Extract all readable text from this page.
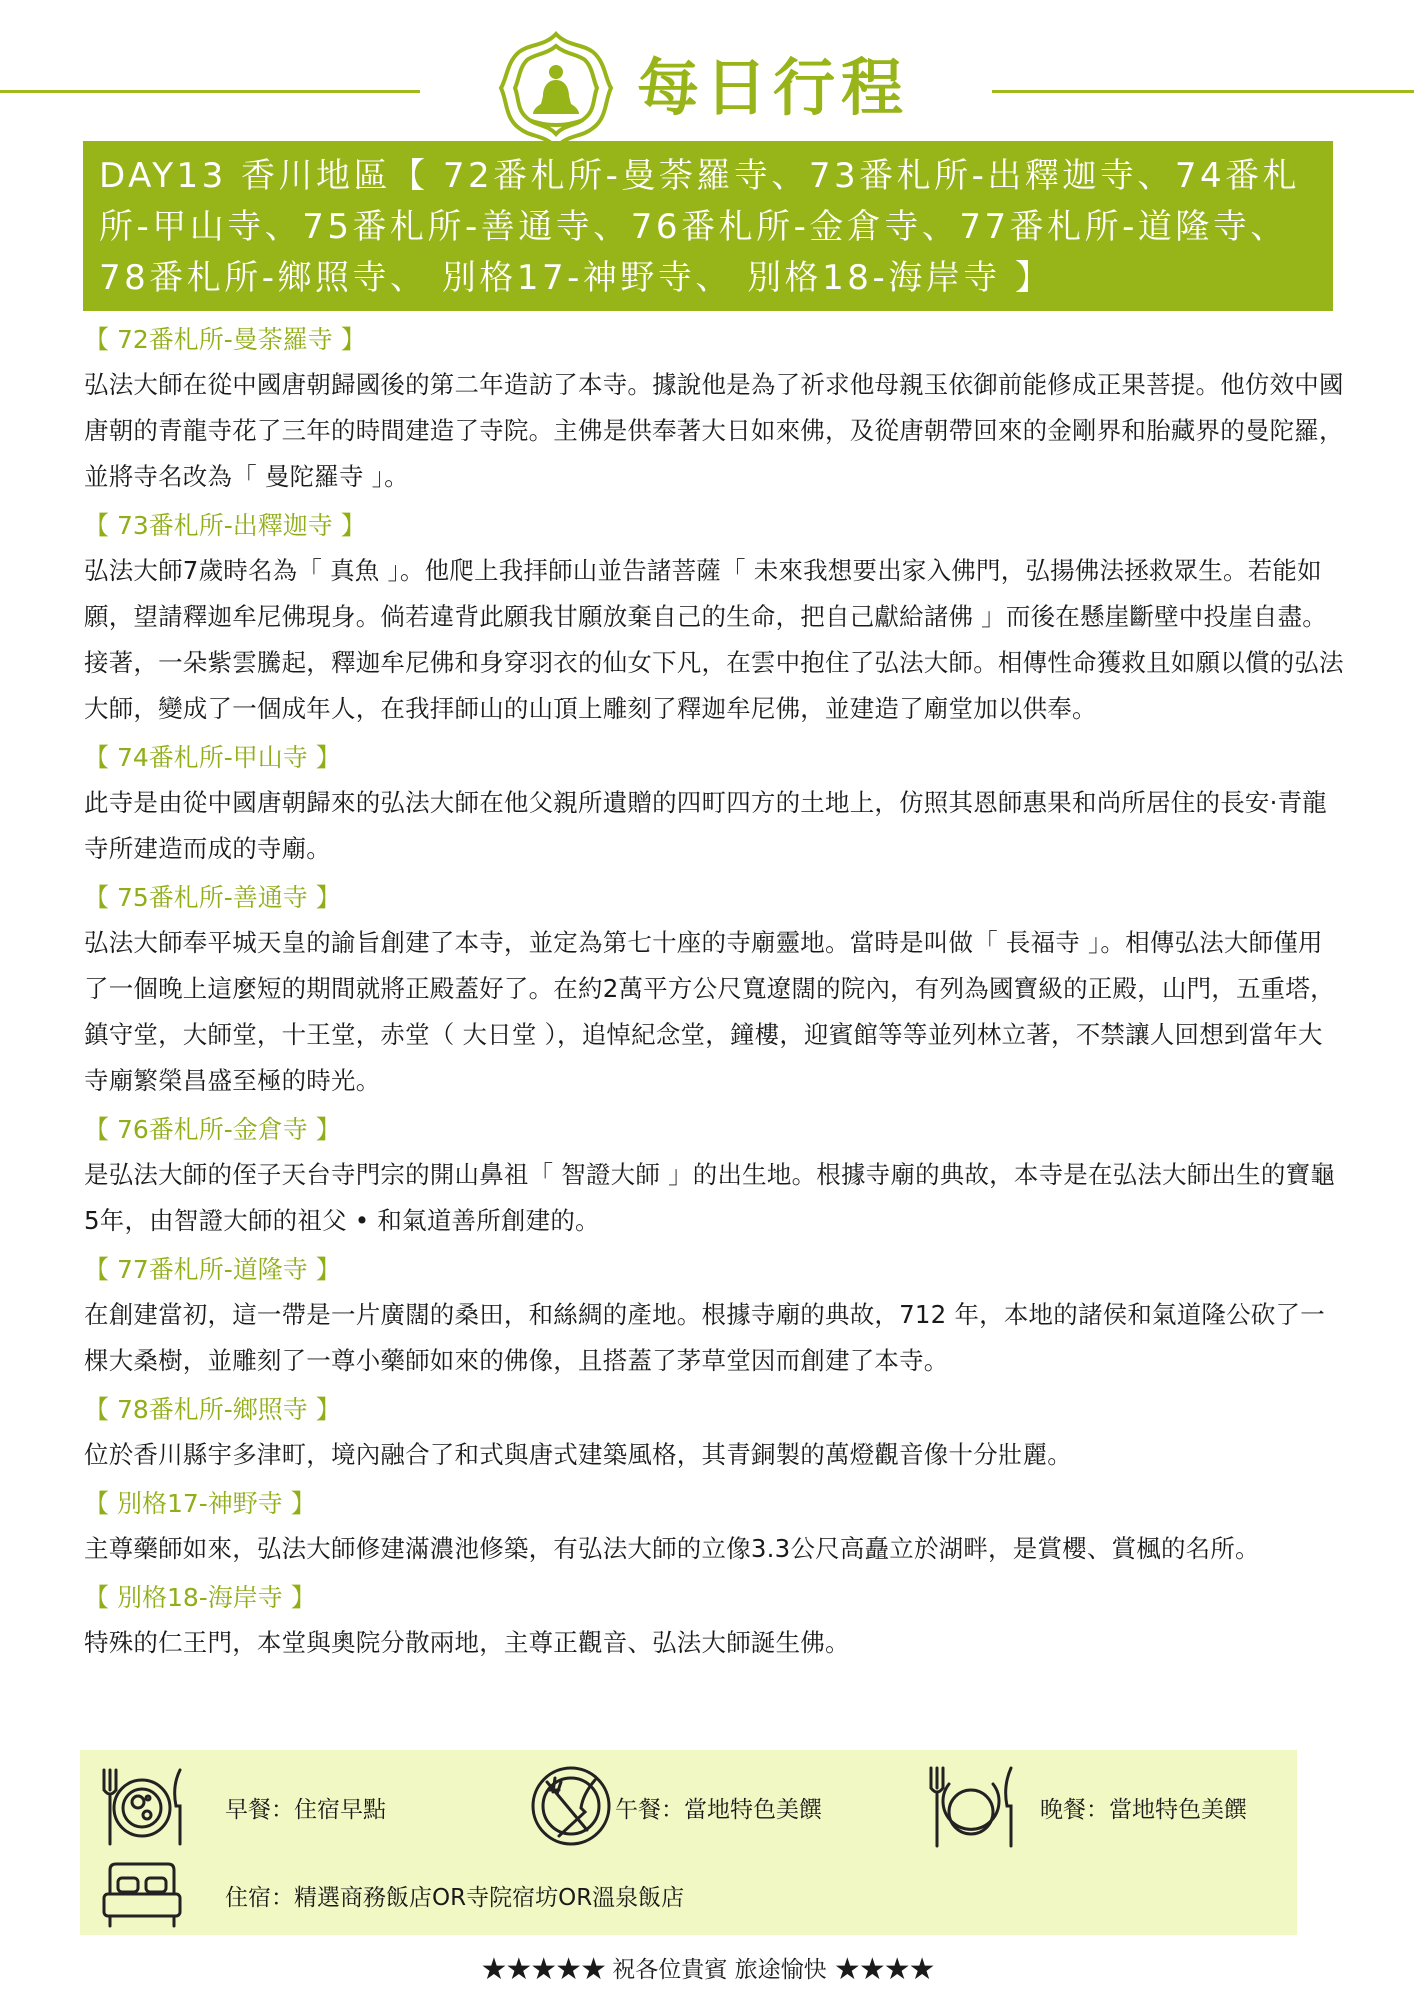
每日行程
DAY13 香川地區【 72番札所-曼荼羅寺、73番札所-出釋迦寺、74番札所-甲山寺、75番札所-善通寺、76番札所-金倉寺、77番札所-道隆寺、78番札所-鄉照寺、 別格17-神野寺、 別格18-海岸寺 】
【 72番札所-曼荼羅寺 】
弘法大師在從中國唐朝歸國後的第二年造訪了本寺。據說他是為了祈求他母親玉依御前能修成正果菩提。他仿效中國唐朝的青龍寺花了三年的時間建造了寺院。主佛是供奉著大日如來佛，及從唐朝帶回來的金剛界和胎藏界的曼陀羅，並將寺名改為「 曼陀羅寺 」。
【 73番札所-出釋迦寺 】
弘法大師7歲時名為「 真魚 」。他爬上我拝師山並告諸菩薩「 未來我想要出家入佛門，弘揚佛法拯救眾生。若能如願，望請釋迦牟尼佛現身。倘若違背此願我甘願放棄自己的生命，把自己獻給諸佛 」而後在懸崖斷壁中投崖自盡。接著，一朵紫雲騰起，釋迦牟尼佛和身穿羽衣的仙女下凡，在雲中抱住了弘法大師。相傳性命獲救且如願以償的弘法大師，變成了一個成年人，在我拝師山的山頂上雕刻了釋迦牟尼佛，並建造了廟堂加以供奉。
【 74番札所-甲山寺 】
此寺是由從中國唐朝歸來的弘法大師在他父親所遺贈的四町四方的土地上，仿照其恩師惠果和尚所居住的長安·青龍寺所建造而成的寺廟。
【 75番札所-善通寺 】
弘法大師奉平城天皇的諭旨創建了本寺，並定為第七十座的寺廟靈地。當時是叫做「 長福寺 」。相傳弘法大師僅用了一個晚上這麼短的期間就將正殿蓋好了。在約2萬平方公尺寬遼闊的院內，有列為國寶級的正殿，山門，五重塔，鎮守堂，大師堂，十王堂，赤堂（ 大日堂 ），追悼紀念堂，鐘樓，迎賓館等等並列林立著，不禁讓人回想到當年大寺廟繁榮昌盛至極的時光。
【 76番札所-金倉寺 】
是弘法大師的侄子天台寺門宗的開山鼻祖「 智證大師 」的出生地。根據寺廟的典故，本寺是在弘法大師出生的寶龜5年，由智證大師的祖父 • 和氣道善所創建的。
【 77番札所-道隆寺 】
在創建當初，這一帶是一片廣闊的桑田，和絲綢的產地。根據寺廟的典故，712 年，本地的諸侯和氣道隆公砍了一棵大桑樹，並雕刻了一尊小藥師如來的佛像，且搭蓋了茅草堂因而創建了本寺。
【 78番札所-鄉照寺 】
位於香川縣宇多津町，境內融合了和式與唐式建築風格，其青銅製的萬燈觀音像十分壯麗。
【 別格17-神野寺 】
主尊藥師如來，弘法大師修建滿濃池修築，有弘法大師的立像3.3公尺高矗立於湖畔，是賞櫻、賞楓的名所。
【 別格18-海岸寺 】
特殊的仁王門，本堂與奧院分散兩地，主尊正觀音、弘法大師誕生佛。
早餐：住宿早點	午餐：當地特色美饌	晚餐：當地特色美饌
住宿：精選商務飯店OR寺院宿坊OR溫泉飯店
★★★★★ 祝各位貴賓 旅途愉快 ★★★★
